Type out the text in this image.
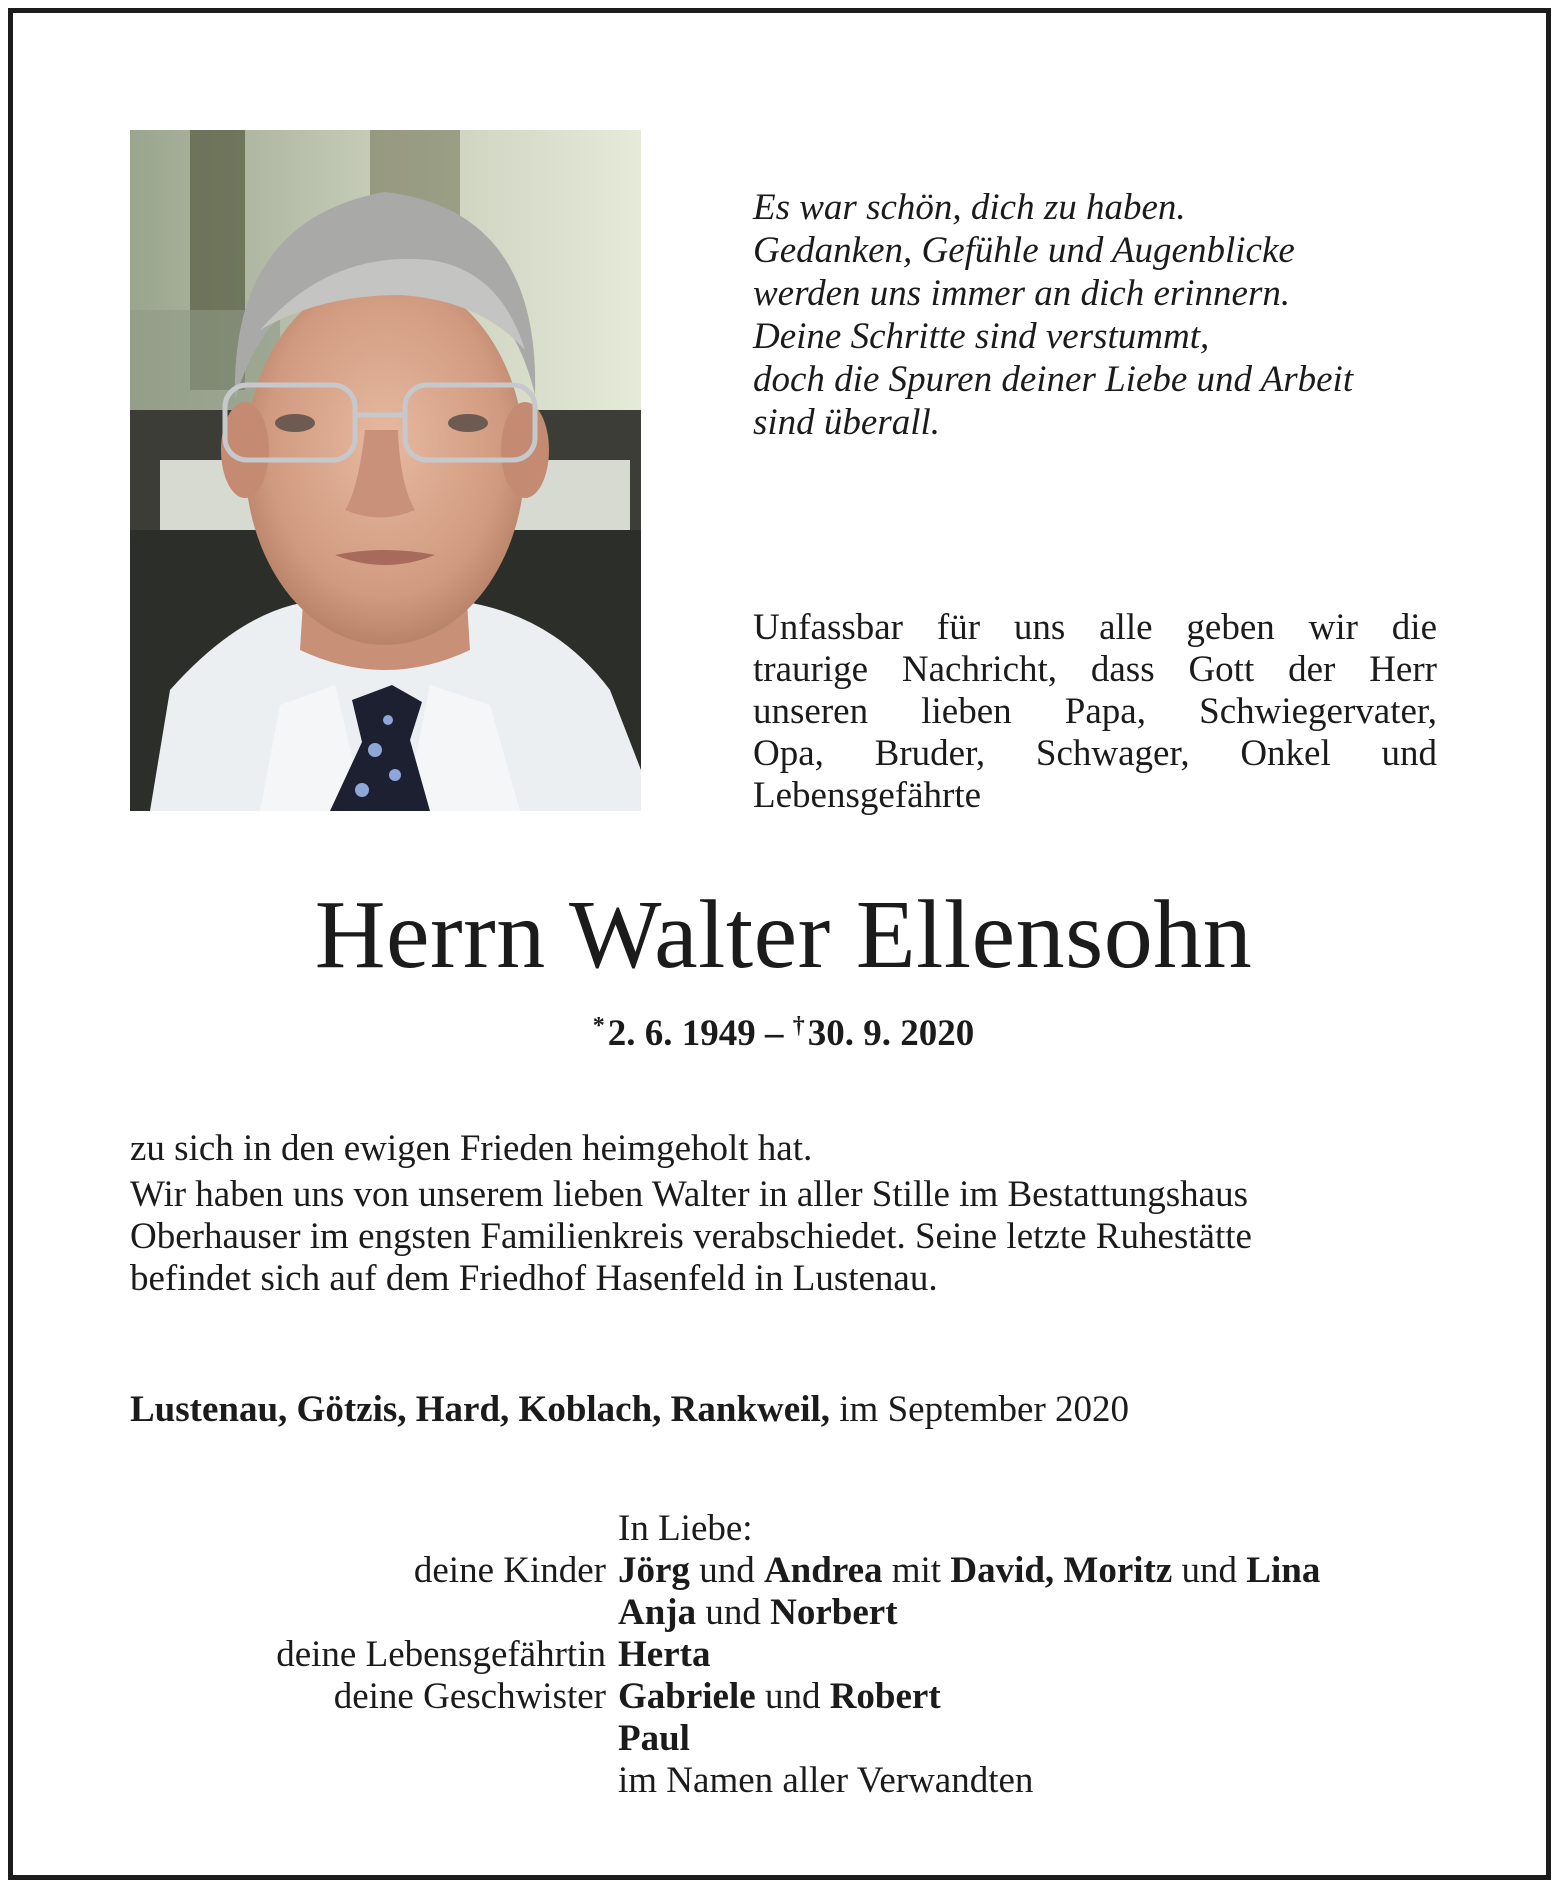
Es war schön, dich zu haben.
Gedanken, Gefühle und Augenblicke
werden uns immer an dich erinnern.
Deine Schritte sind verstummt,
doch die Spuren deiner Liebe und Arbeit
sind überall.
Unfassbar für uns alle geben wir die
traurige Nachricht, dass Gott der Herr
unseren lieben Papa, Schwiegervater,
Opa, Bruder, Schwager, Onkel und
Lebensgefährte
Herrn Walter Ellensohn
*2. 6. 1949 – †30. 9. 2020
zu sich in den ewigen Frieden heimgeholt hat.
Wir haben uns von unserem lieben Walter in aller Stille im Bestattungshaus
Oberhauser im engsten Familienkreis verabschiedet. Seine letzte Ruhestätte
befindet sich auf dem Friedhof Hasenfeld in Lustenau.
Lustenau, Götzis, Hard, Koblach, Rankweil, im September 2020
In Liebe:
deine Kinder Jörg und Andrea mit David, Moritz und Lina
Anja und Norbert
deine Lebensgefährtin Herta
deine Geschwister Gabriele und Robert
Paul
im Namen aller Verwandten
